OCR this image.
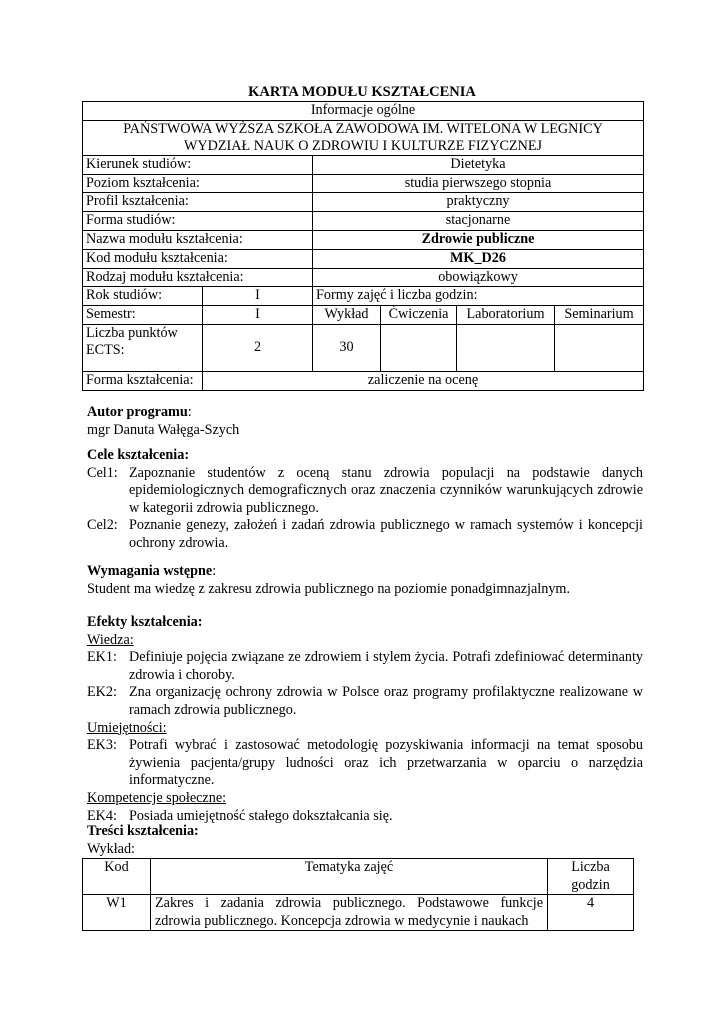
KARTA MODUŁU KSZTAŁCENIA
Informacje ogólne					
PAŃSTWOWA WYŻSZA SZKOŁA ZAWODOWA IM. WITELONA W LEGNICY
WYDZIAŁ NAUK O ZDROWIU I KULTURZE FIZYCZNEJ					
Kierunek studiów:		Dietetyka			
Poziom kształcenia:		studia pierwszego stopnia			
Profil kształcenia:		praktyczny			
Forma studiów:		stacjonarne			
Nazwa modułu kształcenia:		Zdrowie publiczne			
Kod modułu kształcenia:		MK_D26			
Rodzaj modułu kształcenia:		obowiązkowy			
Rok studiów:	I	Formy zajęć i liczba godzin:			
Semestr:	I	Wykład	Ćwiczenia	Laboratorium	Seminarium
Liczba punktów ECTS:	2	30			
Forma kształcenia:	zaliczenie na ocenę				
Autor programu:
mgr Danuta Wałęga-Szych
Cele kształcenia:
Cel1: Zapoznanie studentów z oceną stanu zdrowia populacji na podstawie danych epidemiologicznych demograficznych oraz znaczenia czynników warunkujących zdrowie w kategorii zdrowia publicznego.
Cel2: Poznanie genezy, założeń i zadań zdrowia publicznego w ramach systemów i koncepcji ochrony zdrowia.
Wymagania wstępne:
Student ma wiedzę z zakresu zdrowia publicznego na poziomie ponadgimnazjalnym.
Efekty kształcenia:
Wiedza:
EK1: Definiuje pojęcia związane ze zdrowiem i stylem życia. Potrafi zdefiniować determinanty zdrowia i choroby.
EK2: Zna organizację ochrony zdrowia w Polsce oraz programy profilaktyczne realizowane w ramach zdrowia publicznego.
Umiejętności:
EK3: Potrafi wybrać i zastosować metodologię pozyskiwania informacji na temat sposobu żywienia pacjenta/grupy ludności oraz ich przetwarzania w oparciu o narzędzia informatyczne.
Kompetencje społeczne:
EK4: Posiada umiejętność stałego dokształcania się.
Treści kształcenia:
Wykład:
Kod	Tematyka zajęć	Liczba godzin
W1	Zakres i zadania zdrowia publicznego. Podstawowe funkcje zdrowia publicznego. Koncepcja zdrowia w medycynie i naukach	4
